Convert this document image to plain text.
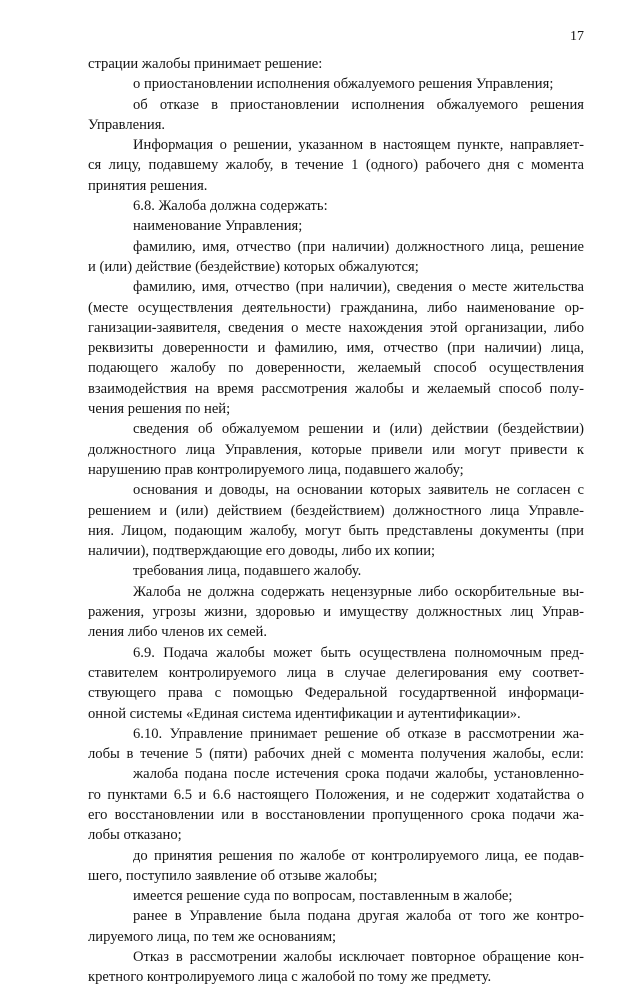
17
страции жалобы принимает решение:
о приостановлении исполнения обжалуемого решения Управления;
об отказе в приостановлении исполнения обжалуемого решения
Управления.
Информация о решении, указанном в настоящем пункте, направляет-
ся лицу, подавшему жалобу, в течение 1 (одного) рабочего дня с момента
принятия решения.
6.8. Жалоба должна содержать:
наименование Управления;
фамилию, имя, отчество (при наличии) должностного лица, решение
и (или) действие (бездействие) которых обжалуются;
фамилию, имя, отчество (при наличии), сведения о месте жительства
(месте осуществления деятельности) гражданина, либо наименование ор-
ганизации-заявителя, сведения о месте нахождения этой организации, либо
реквизиты доверенности и фамилию, имя, отчество (при наличии) лица,
подающего жалобу по доверенности, желаемый способ осуществления
взаимодействия на время рассмотрения жалобы и желаемый способ полу-
чения решения по ней;
сведения об обжалуемом решении и (или) действии (бездействии)
должностного лица Управления, которые привели или могут привести к
нарушению прав контролируемого лица, подавшего жалобу;
основания и доводы, на основании которых заявитель не согласен с
решением и (или) действием (бездействием) должностного лица Управле-
ния. Лицом, подающим жалобу, могут быть представлены документы (при
наличии), подтверждающие его доводы, либо их копии;
требования лица, подавшего жалобу.
Жалоба не должна содержать нецензурные либо оскорбительные вы-
ражения, угрозы жизни, здоровью и имуществу должностных лиц Управ-
ления либо членов их семей.
6.9. Подача жалобы может быть осуществлена полномочным пред-
ставителем контролируемого лица в случае делегирования ему соответ-
ствующего права с помощью Федеральной государтвенной информаци-
онной системы «Единая система идентификации и аутентификации».
6.10. Управление принимает решение об отказе в рассмотрении жа-
лобы в течение 5 (пяти) рабочих дней с момента получения жалобы, если:
жалоба подана после истечения срока подачи жалобы, установленно-
го пунктами 6.5 и 6.6 настоящего Положения, и не содержит ходатайства о
его восстановлении или в восстановлении пропущенного срока подачи жа-
лобы отказано;
до принятия решения по жалобе от контролируемого лица, ее подав-
шего, поступило заявление об отзыве жалобы;
имеется решение суда по вопросам, поставленным в жалобе;
ранее в Управление была подана другая жалоба от того же контро-
лируемого лица, по тем же основаниям;
Отказ в рассмотрении жалобы исключает повторное обращение кон-
кретного контролируемого лица с жалобой по тому же предмету.
